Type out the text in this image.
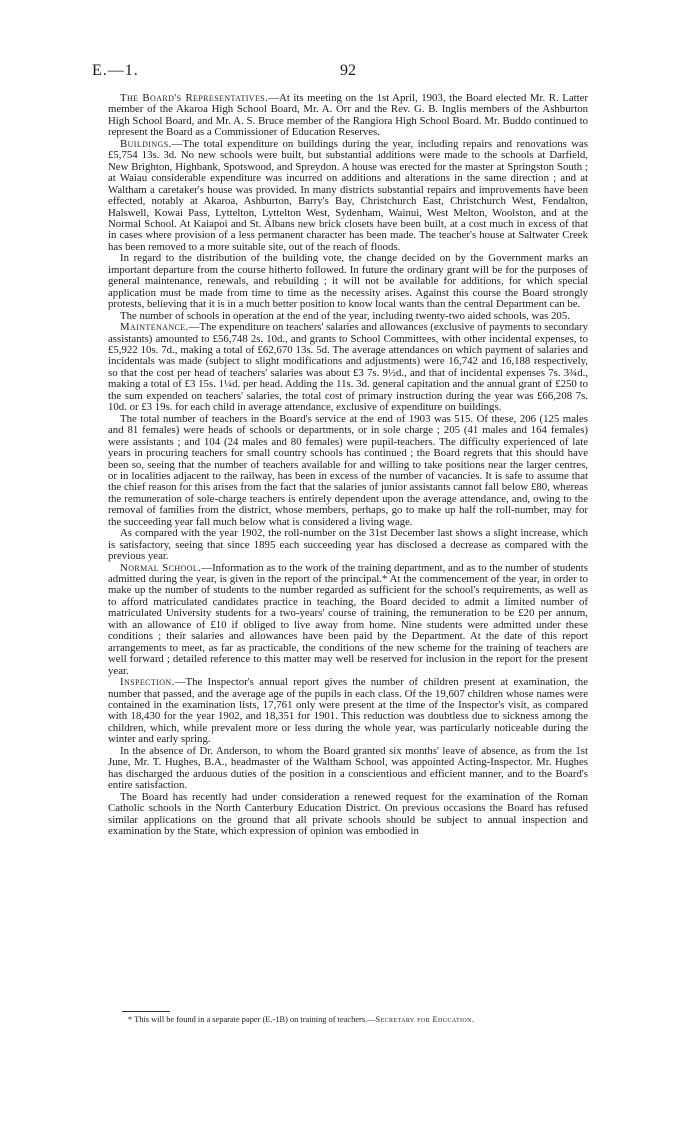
E.—1.	92

The Board's Representatives.—At its meeting on the 1st April, 1903, the Board elected Mr. R. Latter member of the Akaroa High School Board, Mr. A. Orr and the Rev. G. B. Inglis members of the Ashburton High School Board, and Mr. A. S. Bruce member of the Rangiora High School Board. Mr. Buddo continued to represent the Board as a Commissioner of Education Reserves.

Buildings.—The total expenditure on buildings during the year, including repairs and renovations was £5,754 13s. 3d. No new schools were built, but substantial additions were made to the schools at Darfield, New Brighton, Highbank, Spotswood, and Spreydon. A house was erected for the master at Springston South ; at Waiau considerable expenditure was incurred on additions and alterations in the same direction ; and at Waltham a caretaker's house was provided. In many districts substantial repairs and improvements have been effected, notably at Akaroa, Ashburton, Barry's Bay, Christchurch East, Christchurch West, Fendalton, Halswell, Kowai Pass, Lyttelton, Lyttelton West, Sydenham, Wainui, West Melton, Woolston, and at the Normal School. At Kaiapoi and St. Albans new brick closets have been built, at a cost much in excess of that in cases where provision of a less permanent character has been made. The teacher's house at Saltwater Creek has been removed to a more suitable site, out of the reach of floods.

In regard to the distribution of the building vote, the change decided on by the Government marks an important departure from the course hitherto followed. In future the ordinary grant will be for the purposes of general maintenance, renewals, and rebuilding ; it will not be available for additions, for which special application must be made from time to time as the necessity arises. Against this course the Board strongly protests, believing that it is in a much better position to know local wants than the central Department can be.

The number of schools in operation at the end of the year, including twenty-two aided schools, was 205.

Maintenance.—The expenditure on teachers' salaries and allowances (exclusive of payments to secondary assistants) amounted to £56,748 2s. 10d., and grants to School Committees, with other incidental expenses, to £5,922 10s. 7d., making a total of £62,670 13s. 5d. The average attendances on which payment of salaries and incidentals was made (subject to slight modifications and adjustments) were 16,742 and 16,188 respectively, so that the cost per head of teachers' salaries was about £3 7s. 9½d., and that of incidental expenses 7s. 3¾d., making a total of £3 15s. 1¼d. per head. Adding the 11s. 3d. general capitation and the annual grant of £250 to the sum expended on teachers' salaries, the total cost of primary instruction during the year was £66,208 7s. 10d. or £3 19s. for each child in average attendance, exclusive of expenditure on buildings.

The total number of teachers in the Board's service at the end of 1903 was 515. Of these, 206 (125 males and 81 females) were heads of schools or departments, or in sole charge ; 205 (41 males and 164 females) were assistants ; and 104 (24 males and 80 females) were pupil-teachers. The difficulty experienced of late years in procuring teachers for small country schools has continued ; the Board regrets that this should have been so, seeing that the number of teachers available for and willing to take positions near the larger centres, or in localities adjacent to the railway, has been in excess of the number of vacancies. It is safe to assume that the chief reason for this arises from the fact that the salaries of junior assistants cannot fall below £80, whereas the remuneration of sole-charge teachers is entirely dependent upon the average attendance, and, owing to the removal of families from the district, whose members, perhaps, go to make up half the roll-number, may for the succeeding year fall much below what is considered a living wage.

As compared with the year 1902, the roll-number on the 31st December last shows a slight increase, which is satisfactory, seeing that since 1895 each succeeding year has disclosed a decrease as compared with the previous year.

Normal School.—Information as to the work of the training department, and as to the number of students admitted during the year, is given in the report of the principal.* At the commencement of the year, in order to make up the number of students to the number regarded as sufficient for the school's requirements, as well as to afford matriculated candidates practice in teaching, the Board decided to admit a limited number of matriculated University students for a two-years' course of training, the remuneration to be £20 per annum, with an allowance of £10 if obliged to live away from home. Nine students were admitted under these conditions ; their salaries and allowances have been paid by the Department. At the date of this report arrangements to meet, as far as practicable, the conditions of the new scheme for the training of teachers are well forward ; detailed reference to this matter may well be reserved for inclusion in the report for the present year.

Inspection.—The Inspector's annual report gives the number of children present at examination, the number that passed, and the average age of the pupils in each class. Of the 19,607 children whose names were contained in the examination lists, 17,761 only were present at the time of the Inspector's visit, as compared with 18,430 for the year 1902, and 18,351 for 1901. This reduction was doubtless due to sickness among the children, which, while prevalent more or less during the whole year, was particularly noticeable during the winter and early spring.

In the absence of Dr. Anderson, to whom the Board granted six months' leave of absence, as from the 1st June, Mr. T. Hughes, B.A., headmaster of the Waltham School, was appointed Acting-Inspector. Mr. Hughes has discharged the arduous duties of the position in a conscientious and efficient manner, and to the Board's entire satisfaction.

The Board has recently had under consideration a renewed request for the examination of the Roman Catholic schools in the North Canterbury Education District. On previous occasions the Board has refused similar applications on the ground that all private schools should be subject to annual inspection and examination by the State, which expression of opinion was embodied in

* This will be found in a separate paper (E.-1B) on training of teachers.—Secretary for Education.
